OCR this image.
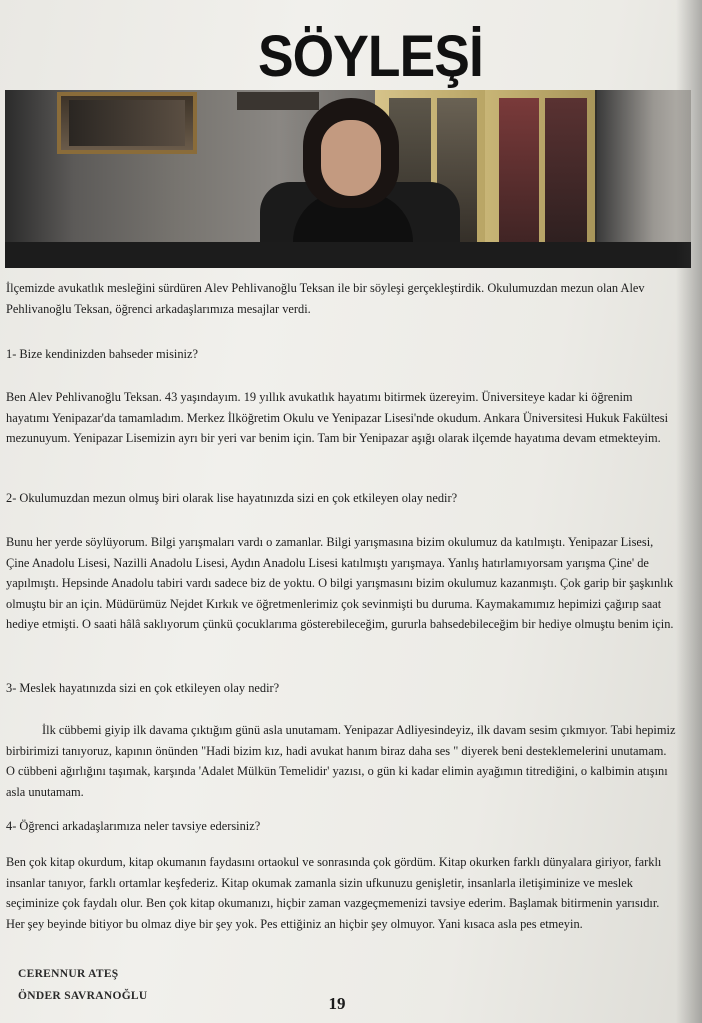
SÖYLEŞİ
İlçemizde avukatlık mesleğini sürdüren Alev Pehlivanoğlu Teksan ile bir söyleşi gerçekleştirdik. Okulumuzdan mezun olan Alev Pehlivanoğlu Teksan, öğrenci arkadaşlarımıza mesajlar verdi.
1- Bize kendinizden bahseder misiniz?
Ben Alev Pehlivanoğlu Teksan. 43 yaşındayım. 19 yıllık avukatlık hayatımı bitirmek üzereyim. Üniversiteye kadar ki öğrenim hayatımı Yenipazar'da tamamladım. Merkez İlköğretim Okulu ve Yenipazar Lisesi'nde okudum. Ankara Üniversitesi Hukuk Fakültesi mezunuyum. Yenipazar Lisemizin ayrı bir yeri var benim için. Tam bir Yenipazar aşığı olarak ilçemde hayatıma devam etmekteyim.
2- Okulumuzdan mezun olmuş biri olarak lise hayatınızda sizi en çok etkileyen olay nedir?
Bunu her yerde söylüyorum. Bilgi yarışmaları vardı o zamanlar. Bilgi yarışmasına bizim okulumuz da katılmıştı. Yenipazar Lisesi, Çine Anadolu Lisesi, Nazilli Anadolu Lisesi, Aydın Anadolu Lisesi katılmıştı yarışmaya. Yanlış hatırlamıyorsam yarışma Çine' de yapılmıştı. Hepsinde Anadolu tabiri vardı sadece biz de yoktu. O bilgi yarışmasını bizim okulumuz kazanmıştı. Çok garip bir şaşkınlık olmuştu bir an için. Müdürümüz Nejdet Kırkık ve öğretmenlerimiz çok sevinmişti bu duruma. Kaymakamımız hepimizi çağırıp saat hediye etmişti. O saati hâlâ saklıyorum çünkü çocuklarıma gösterebileceğim, gururla bahsedebileceğim bir hediye olmuştu benim için.
3- Meslek hayatınızda sizi en çok etkileyen olay nedir?
İlk cübbemi giyip ilk davama çıktığım günü asla unutamam. Yenipazar Adliyesindeyiz, ilk davam sesim çıkmıyor. Tabi hepimiz birbirimizi tanıyoruz, kapının önünden "Hadi bizim kız, hadi avukat hanım biraz daha ses " diyerek beni desteklemelerini unutamam. O cübbeni ağırlığını taşımak, karşında 'Adalet Mülkün Temelidir' yazısı, o gün ki kadar elimin ayağımın titrediğini, o kalbimin atışını asla unutamam.
4- Öğrenci arkadaşlarımıza neler tavsiye edersiniz?
Ben çok kitap okurdum, kitap okumanın faydasını ortaokul ve sonrasında çok gördüm. Kitap okurken farklı dünyalara giriyor, farklı insanlar tanıyor, farklı ortamlar keşfederiz. Kitap okumak zamanla sizin ufkunuzu genişletir, insanlarla iletişiminize ve meslek seçiminize çok faydalı olur. Ben çok kitap okumanızı, hiçbir zaman vazgeçmemenizi tavsiye ederim. Başlamak bitirmenin yarısıdır. Her şey beyinde bitiyor bu olmaz diye bir şey yok. Pes ettiğiniz an hiçbir şey olmuyor. Yani kısaca asla pes etmeyin.
CERENNUR ATEŞ
ÖNDER SAVRANOĞLU	19
